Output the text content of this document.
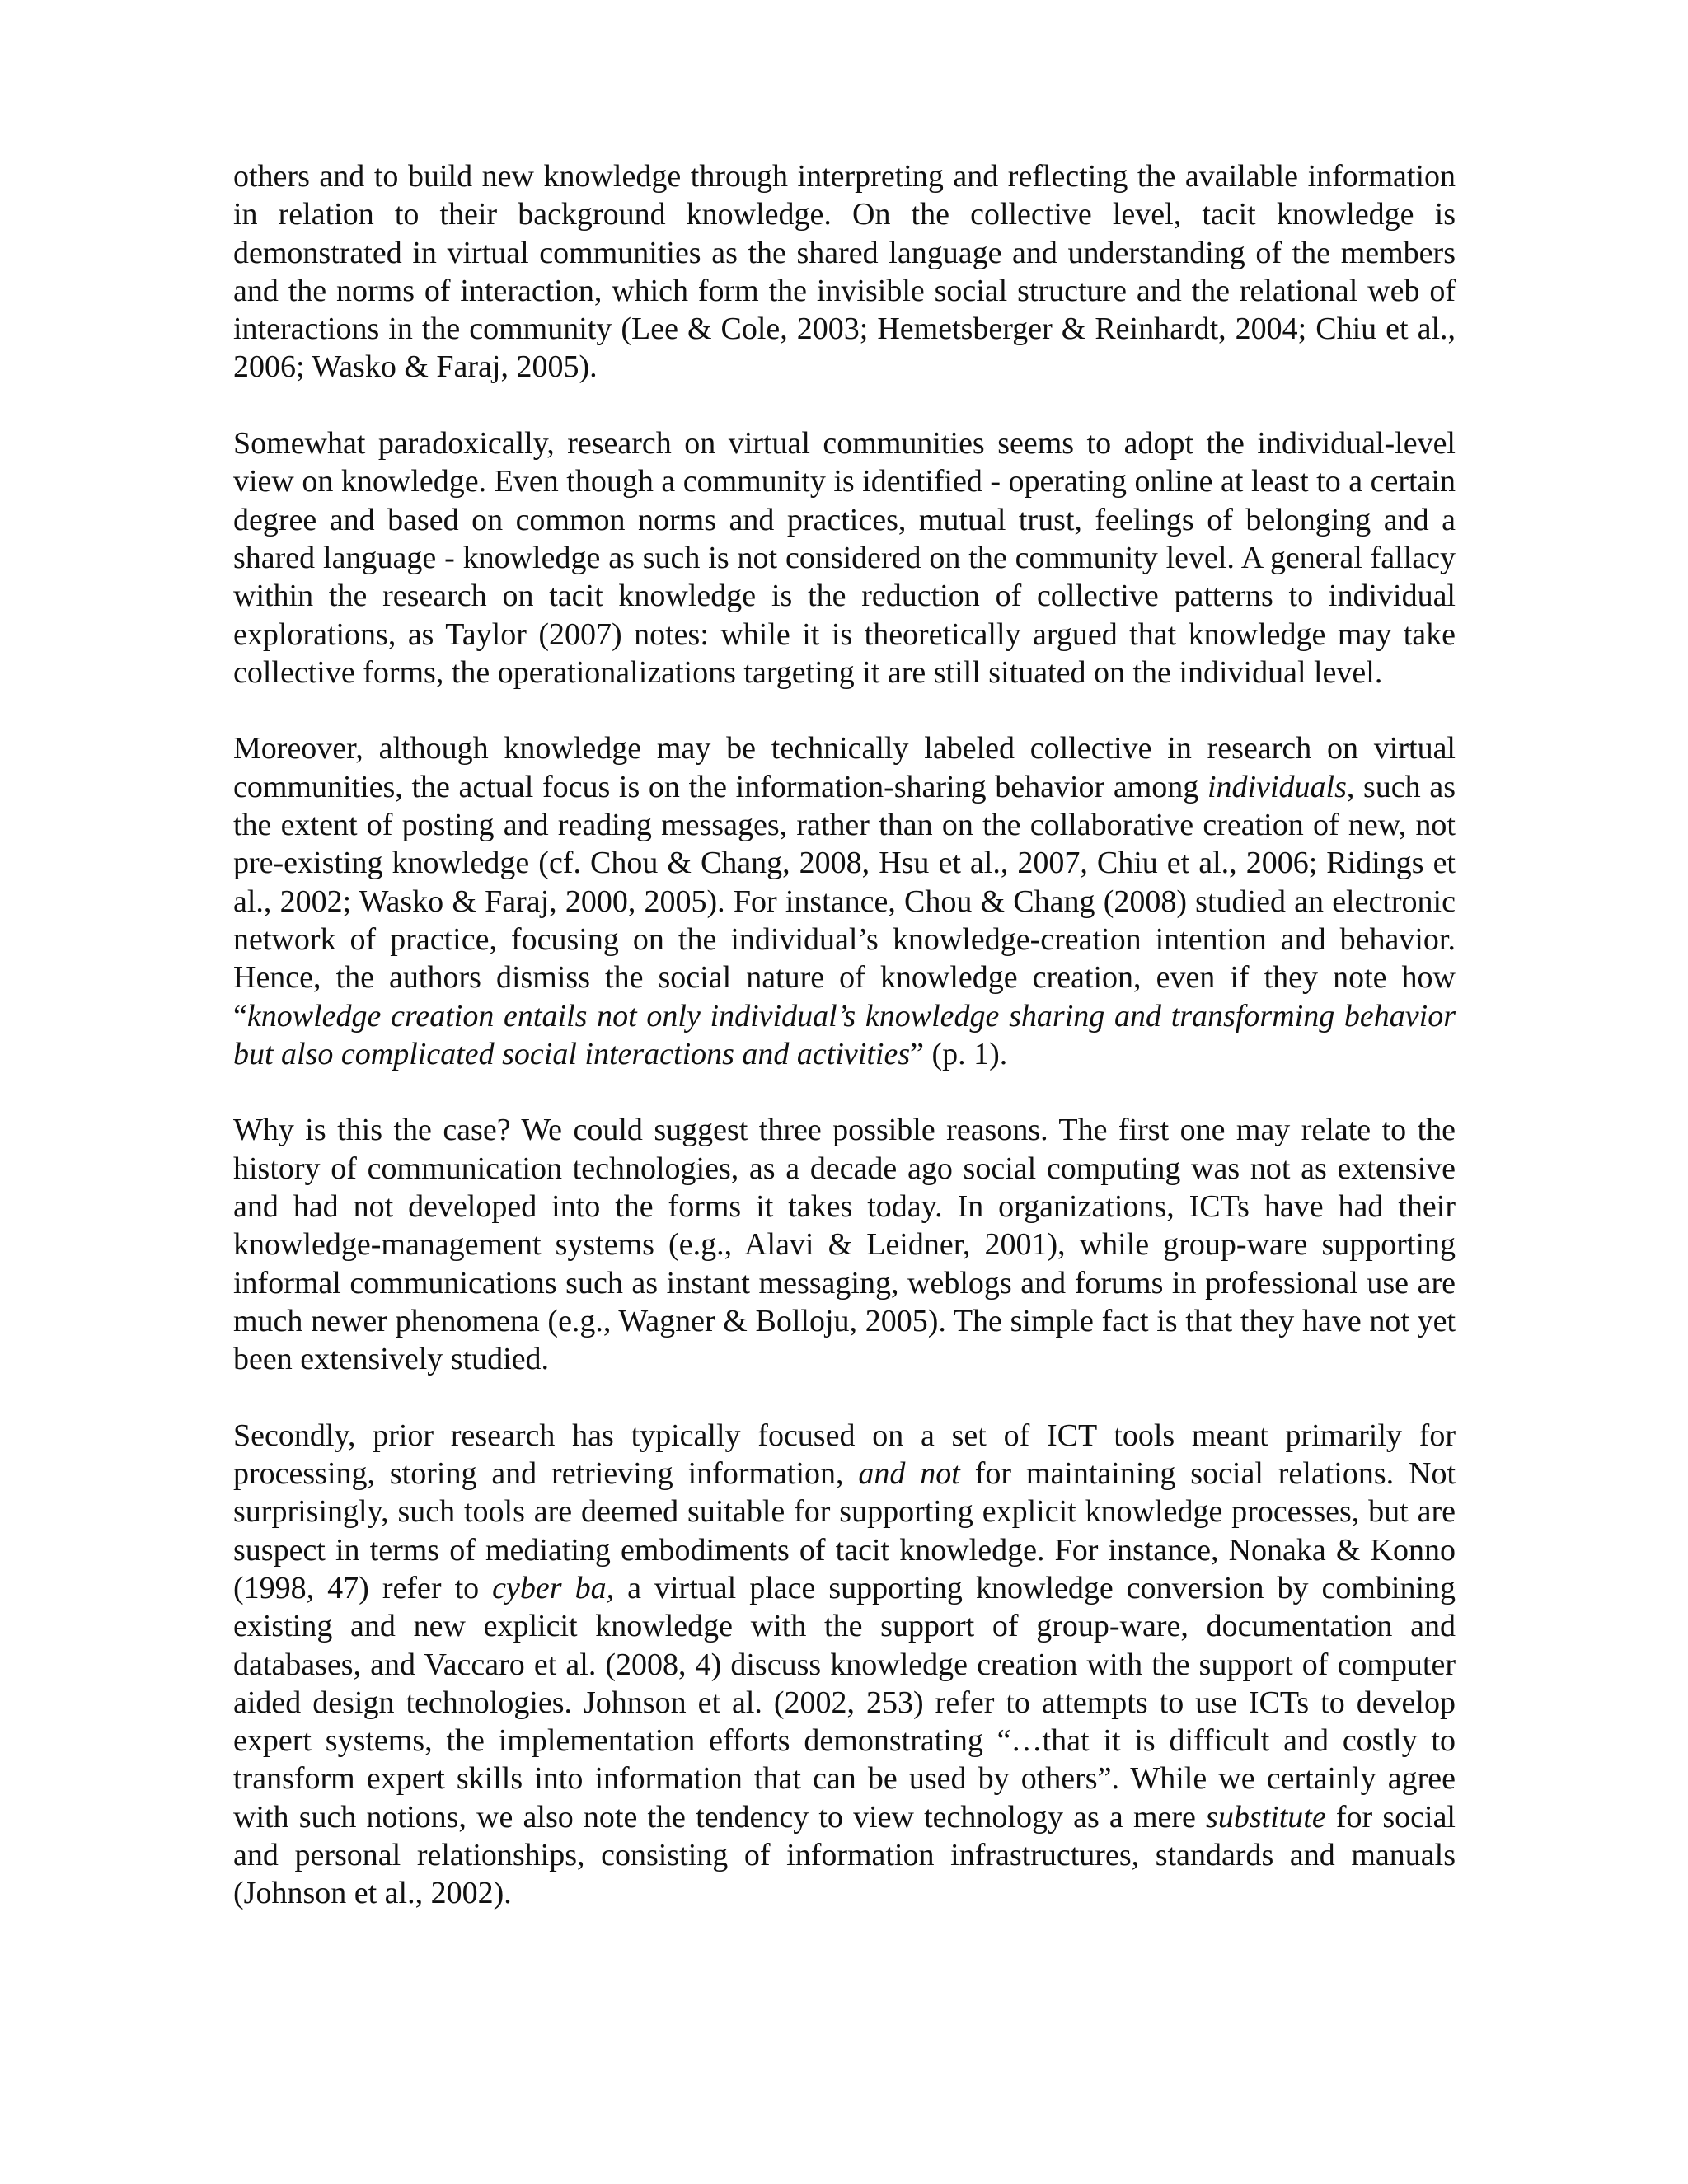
others and to build new knowledge through interpreting and reflecting the available information in relation to their background knowledge. On the collective level, tacit knowledge is demonstrated in virtual communities as the shared language and understanding of the members and the norms of interaction, which form the invisible social structure and the relational web of interactions in the community (Lee & Cole, 2003; Hemetsberger & Reinhardt, 2004; Chiu et al., 2006; Wasko & Faraj, 2005).

Somewhat paradoxically, research on virtual communities seems to adopt the individual-level view on knowledge. Even though a community is identified - operating online at least to a certain degree and based on common norms and practices, mutual trust, feelings of belonging and a shared language - knowledge as such is not considered on the community level. A general fallacy within the research on tacit knowledge is the reduction of collective patterns to individual explorations, as Taylor (2007) notes: while it is theoretically argued that knowledge may take collective forms, the operationalizations targeting it are still situated on the individual level.

Moreover, although knowledge may be technically labeled collective in research on virtual communities, the actual focus is on the information-sharing behavior among individuals, such as the extent of posting and reading messages, rather than on the collaborative creation of new, not pre-existing knowledge (cf. Chou & Chang, 2008, Hsu et al., 2007, Chiu et al., 2006; Ridings et al., 2002; Wasko & Faraj, 2000, 2005). For instance, Chou & Chang (2008) studied an electronic network of practice, focusing on the individual’s knowledge-creation intention and behavior. Hence, the authors dismiss the social nature of knowledge creation, even if they note how “knowledge creation entails not only individual’s knowledge sharing and transforming behavior but also complicated social interactions and activities” (p. 1).

Why is this the case? We could suggest three possible reasons. The first one may relate to the history of communication technologies, as a decade ago social computing was not as extensive and had not developed into the forms it takes today. In organizations, ICTs have had their knowledge-management systems (e.g., Alavi & Leidner, 2001), while group-ware supporting informal communications such as instant messaging, weblogs and forums in professional use are much newer phenomena (e.g., Wagner & Bolloju, 2005). The simple fact is that they have not yet been extensively studied.

Secondly, prior research has typically focused on a set of ICT tools meant primarily for processing, storing and retrieving information, and not for maintaining social relations. Not surprisingly, such tools are deemed suitable for supporting explicit knowledge processes, but are suspect in terms of mediating embodiments of tacit knowledge. For instance, Nonaka & Konno (1998, 47) refer to cyber ba, a virtual place supporting knowledge conversion by combining existing and new explicit knowledge with the support of group-ware, documentation and databases, and Vaccaro et al. (2008, 4) discuss knowledge creation with the support of computer aided design technologies. Johnson et al. (2002, 253) refer to attempts to use ICTs to develop expert systems, the implementation efforts demonstrating “…that it is difficult and costly to transform expert skills into information that can be used by others”. While we certainly agree with such notions, we also note the tendency to view technology as a mere substitute for social and personal relationships, consisting of information infrastructures, standards and manuals (Johnson et al., 2002).
